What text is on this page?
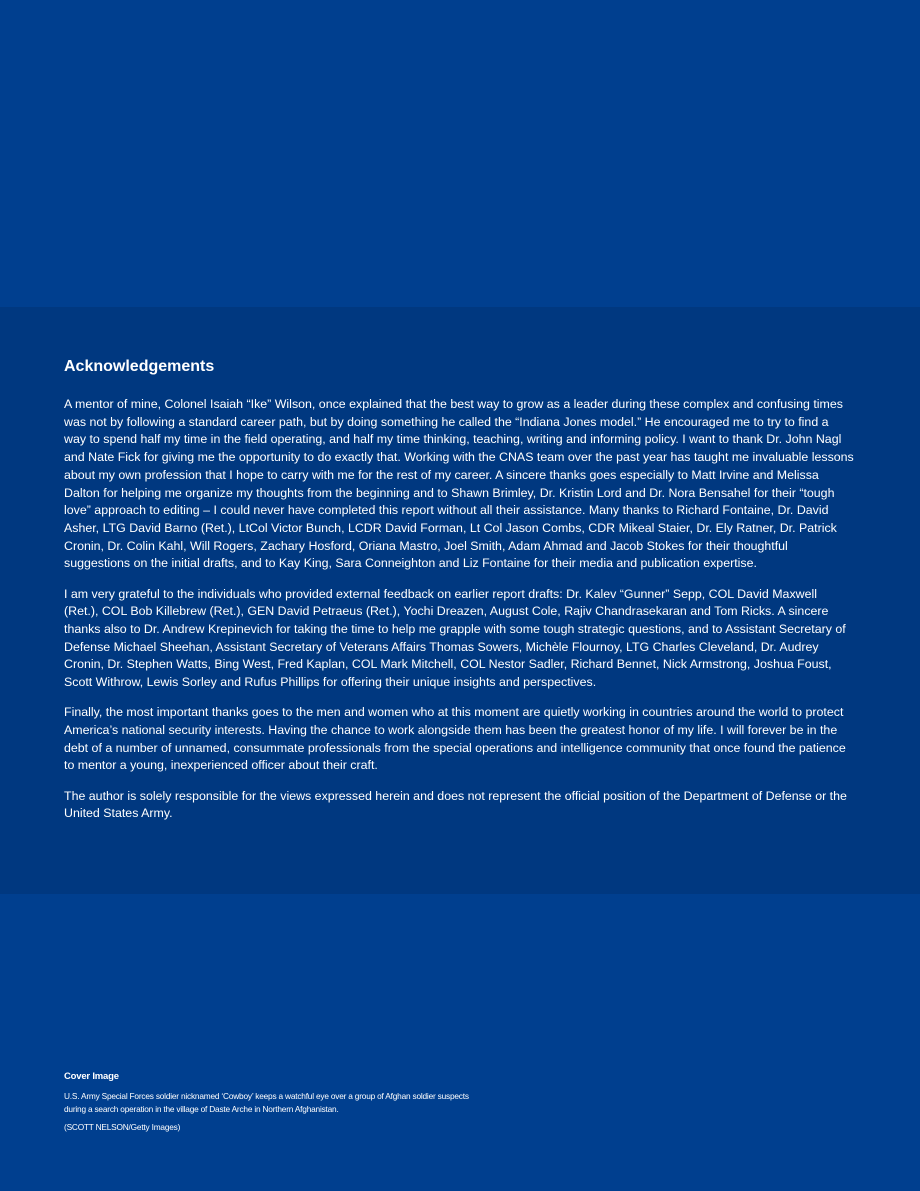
Acknowledgements

A mentor of mine, Colonel Isaiah “Ike” Wilson, once explained that the best way to grow as a leader during these complex and confusing times was not by following a standard career path, but by doing something he called the “Indiana Jones model.” He encouraged me to try to find a way to spend half my time in the field operating, and half my time thinking, teaching, writing and informing policy. I want to thank Dr. John Nagl and Nate Fick for giving me the opportunity to do exactly that. Working with the CNAS team over the past year has taught me invaluable lessons about my own profession that I hope to carry with me for the rest of my career. A sincere thanks goes especially to Matt Irvine and Melissa Dalton for helping me organize my thoughts from the beginning and to Shawn Brimley, Dr. Kristin Lord and Dr. Nora Bensahel for their “tough love” approach to editing – I could never have completed this report without all their assistance. Many thanks to Richard Fontaine, Dr. David Asher, LTG David Barno (Ret.), LtCol Victor Bunch, LCDR David Forman, Lt Col Jason Combs, CDR Mikeal Staier, Dr. Ely Ratner, Dr. Patrick Cronin, Dr. Colin Kahl, Will Rogers, Zachary Hosford, Oriana Mastro, Joel Smith, Adam Ahmad and Jacob Stokes for their thoughtful suggestions on the initial drafts, and to Kay King, Sara Conneighton and Liz Fontaine for their media and publication expertise.

I am very grateful to the individuals who provided external feedback on earlier report drafts: Dr. Kalev “Gunner” Sepp, COL David Maxwell (Ret.), COL Bob Killebrew (Ret.), GEN David Petraeus (Ret.), Yochi Dreazen, August Cole, Rajiv Chandrasekaran and Tom Ricks. A sincere thanks also to Dr. Andrew Krepinevich for taking the time to help me grapple with some tough strategic questions, and to Assistant Secretary of Defense Michael Sheehan, Assistant Secretary of Veterans Affairs Thomas Sowers, Michèle Flournoy, LTG Charles Cleveland, Dr. Audrey Cronin, Dr. Stephen Watts, Bing West, Fred Kaplan, COL Mark Mitchell, COL Nestor Sadler, Richard Bennet, Nick Armstrong, Joshua Foust, Scott Withrow, Lewis Sorley and Rufus Phillips for offering their unique insights and perspectives.

Finally, the most important thanks goes to the men and women who at this moment are quietly working in countries around the world to protect America’s national security interests. Having the chance to work alongside them has been the greatest honor of my life. I will forever be in the debt of a number of unnamed, consummate professionals from the special operations and intelligence community that once found the patience to mentor a young, inexperienced officer about their craft.

The author is solely responsible for the views expressed herein and does not represent the official position of the Department of Defense or the United States Army.

Cover Image

U.S. Army Special Forces soldier nicknamed ‘Cowboy’ keeps a watchful eye over a group of Afghan soldier suspects during a search operation in the village of Daste Arche in Northern Afghanistan.

(SCOTT NELSON/Getty Images)
